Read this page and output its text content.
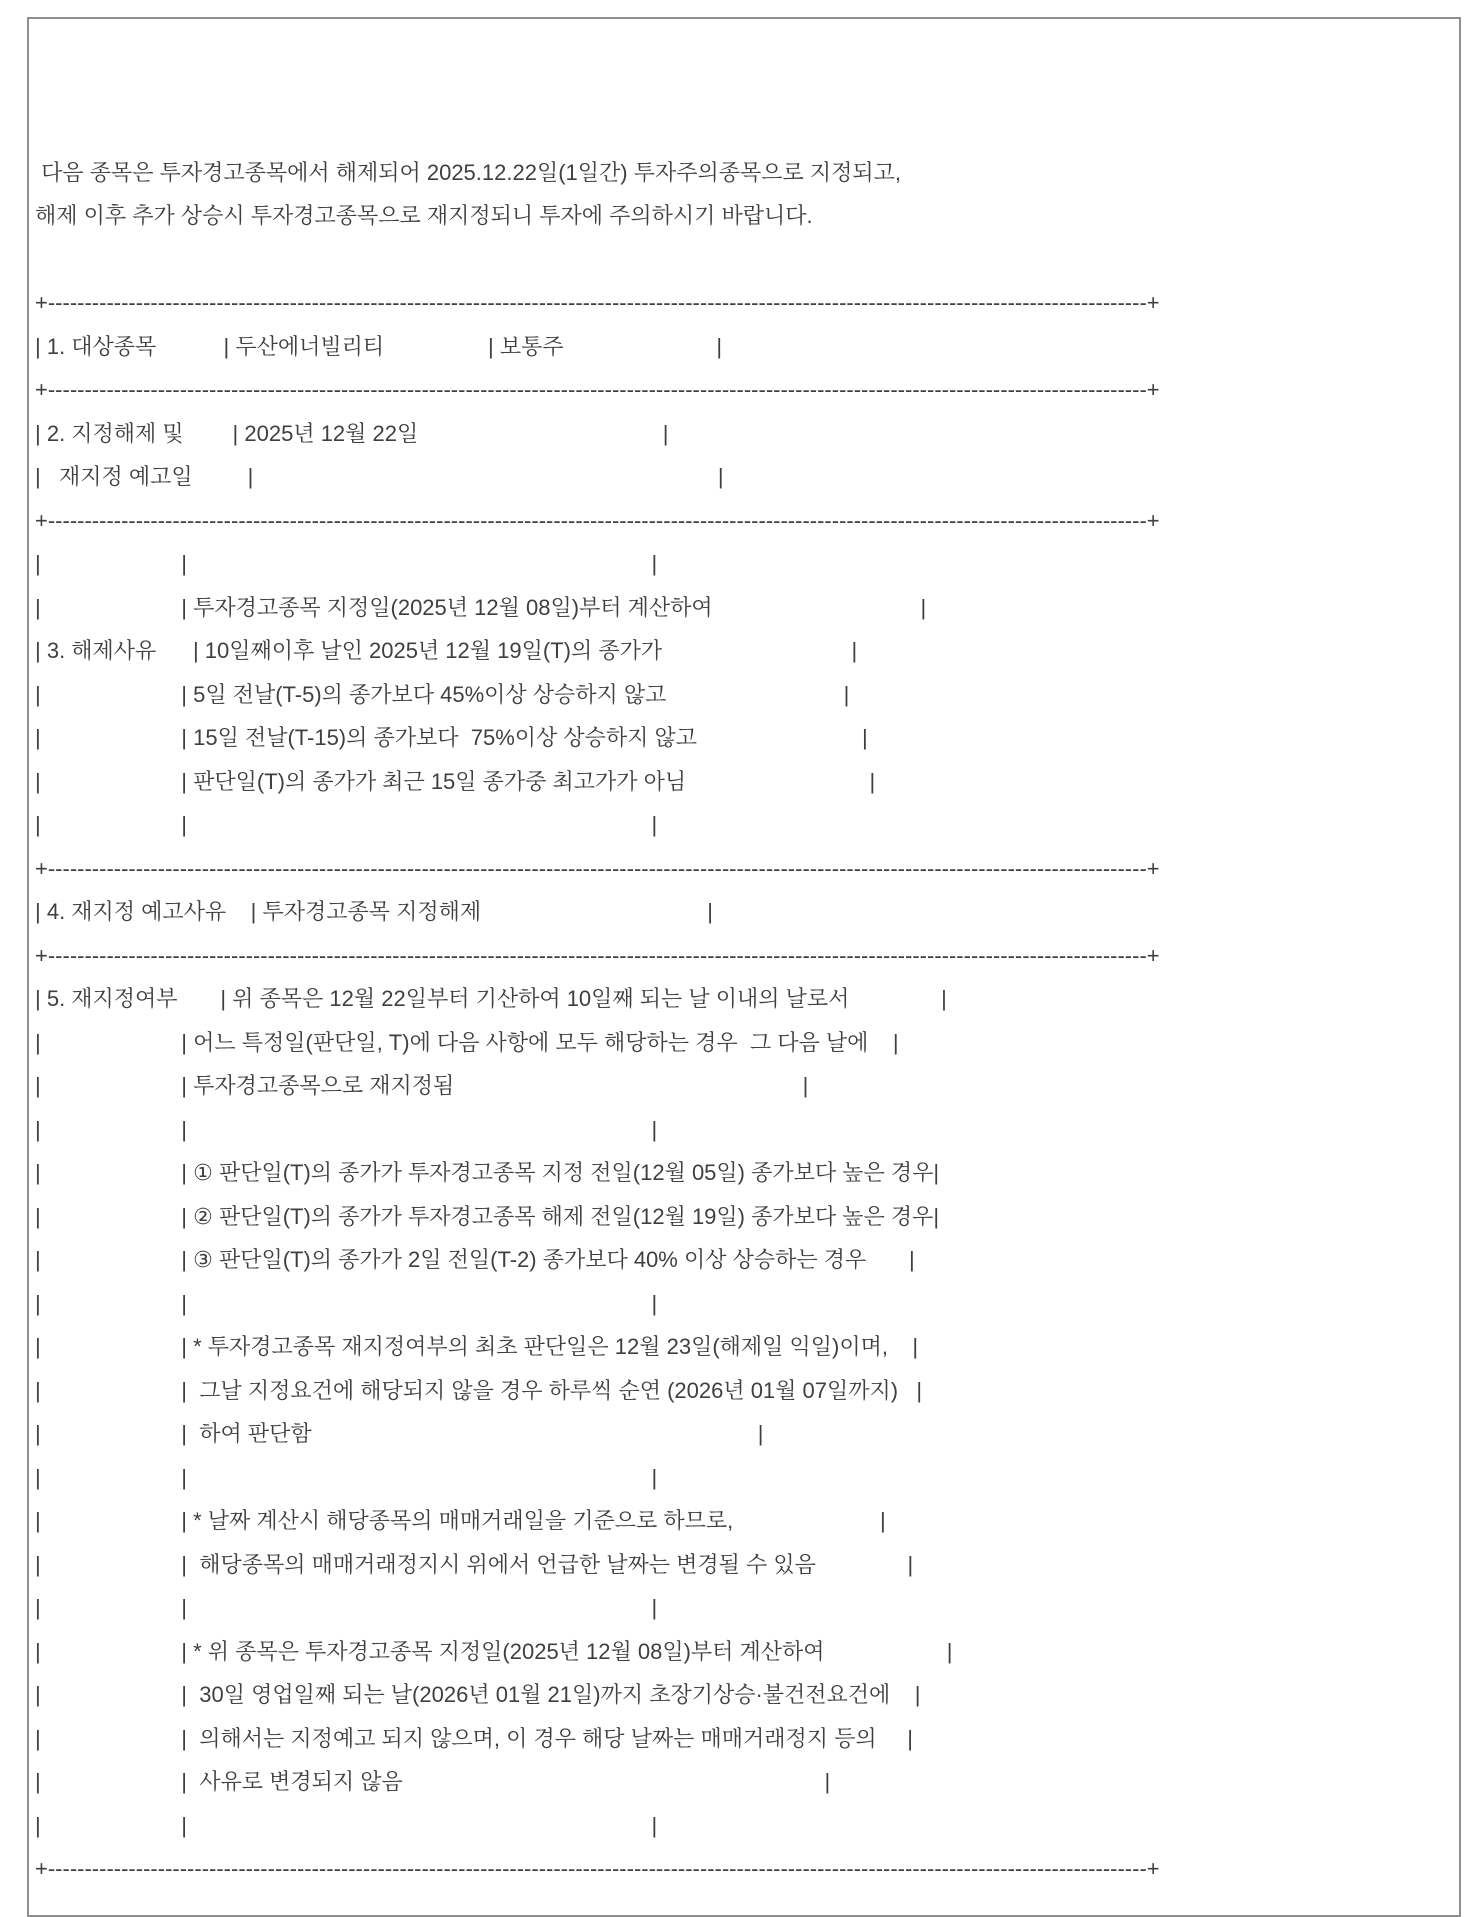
다음 종목은 투자경고종목에서 해제되어 2025.12.22일(1일간) 투자주의종목으로 지정되고,
해제 이후 추가 상승시 투자경고종목으로 재지정되니 투자에 주의하시기 바랍니다.

+------------------------------------------------------------------------------------------------------------------------------------------------------+
| 1. 대상종목           | 두산에너빌리티                 | 보통주                         |
+------------------------------------------------------------------------------------------------------------------------------------------------------+
| 2. 지정해제 및        | 2025년 12월 22일                                        |
|   재지정 예고일         |                                                                            |
+------------------------------------------------------------------------------------------------------------------------------------------------------+
|                       |                                                                            |
|                       | 투자경고종목 지정일(2025년 12월 08일)부터 계산하여                                  |
| 3. 해제사유      | 10일째이후 날인 2025년 12월 19일(T)의 종가가                               |
|                       | 5일 전날(T-5)의 종가보다 45%이상 상승하지 않고                             |
|                       | 15일 전날(T-15)의 종가보다  75%이상 상승하지 않고                           |
|                       | 판단일(T)의 종가가 최근 15일 종가중 최고가가 아님                              |
|                       |                                                                            |
+------------------------------------------------------------------------------------------------------------------------------------------------------+
| 4. 재지정 예고사유    | 투자경고종목 지정해제                                     |
+------------------------------------------------------------------------------------------------------------------------------------------------------+
| 5. 재지정여부       | 위 종목은 12월 22일부터 기산하여 10일째 되는 날 이내의 날로서               |
|                       | 어느 특정일(판단일, T)에 다음 사항에 모두 해당하는 경우  그 다음 날에    |
|                       | 투자경고종목으로 재지정됨                                                         |
|                       |                                                                            |
|                       | ① 판단일(T)의 종가가 투자경고종목 지정 전일(12월 05일) 종가보다 높은 경우|
|                       | ② 판단일(T)의 종가가 투자경고종목 해제 전일(12월 19일) 종가보다 높은 경우|
|                       | ③ 판단일(T)의 종가가 2일 전일(T-2) 종가보다 40% 이상 상승하는 경우       |
|                       |                                                                            |
|                       | * 투자경고종목 재지정여부의 최초 판단일은 12월 23일(해제일 익일)이며,    |
|                       |  그날 지정요건에 해당되지 않을 경우 하루씩 순연 (2026년 01월 07일까지)   |
|                       |  하여 판단함                                                                         |
|                       |                                                                            |
|                       | * 날짜 계산시 해당종목의 매매거래일을 기준으로 하므로,                        |
|                       |  해당종목의 매매거래정지시 위에서 언급한 날짜는 변경될 수 있음               |
|                       |                                                                            |
|                       | * 위 종목은 투자경고종목 지정일(2025년 12월 08일)부터 계산하여                    |
|                       |  30일 영업일째 되는 날(2026년 01월 21일)까지 초장기상승·불건전요건에    |
|                       |  의해서는 지정예고 되지 않으며, 이 경우 해당 날짜는 매매거래정지 등의     |
|                       |  사유로 변경되지 않음                                                                     |
|                       |                                                                            |
+------------------------------------------------------------------------------------------------------------------------------------------------------+
